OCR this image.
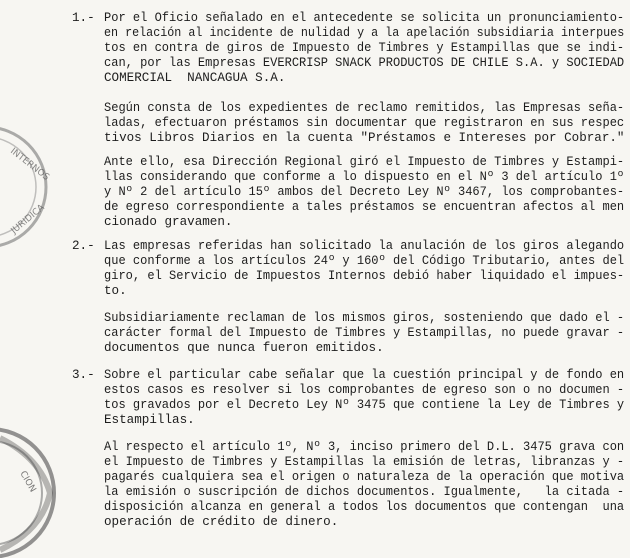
INTERNOS
JURIDICA
CION
1.- Por el Oficio señalado en el antecedente se solicita un pronunciamiento-
en relación al incidente de nulidad y a la apelación subsidiaria interpues
tos en contra de giros de Impuesto de Timbres y Estampillas que se indi-
can, por las Empresas EVERCRISP SNACK PRODUCTOS DE CHILE S.A. y SOCIEDAD
COMERCIAL  NANCAGUA S.A.
Según consta de los expedientes de reclamo remitidos, las Empresas seña-
ladas, efectuaron préstamos sin documentar que registraron en sus respec
tivos Libros Diarios en la cuenta "Préstamos e Intereses por Cobrar."
Ante ello, esa Dirección Regional giró el Impuesto de Timbres y Estampi-
llas considerando que conforme a lo dispuesto en el Nº 3 del artículo 1º
y Nº 2 del artículo 15º ambos del Decreto Ley Nº 3467, los comprobantes-
de egreso correspondiente a tales préstamos se encuentran afectos al men
cionado gravamen.
2.- Las empresas referidas han solicitado la anulación de los giros alegando
que conforme a los artículos 24º y 160º del Código Tributario, antes del
giro, el Servicio de Impuestos Internos debió haber liquidado el impues-
to.
Subsidiariamente reclaman de los mismos giros, sosteniendo que dado el -
carácter formal del Impuesto de Timbres y Estampillas, no puede gravar -
documentos que nunca fueron emitidos.
3.- Sobre el particular cabe señalar que la cuestión principal y de fondo en
estos casos es resolver si los comprobantes de egreso son o no documen -
tos gravados por el Decreto Ley Nº 3475 que contiene la Ley de Timbres y
Estampillas.
Al respecto el artículo 1º, Nº 3, inciso primero del D.L. 3475 grava con
el Impuesto de Timbres y Estampillas la emisión de letras, libranzas y -
pagarés cualquiera sea el origen o naturaleza de la operación que motiva
la emisión o suscripción de dichos documentos. Igualmente,   la citada -
disposición alcanza en general a todos los documentos que contengan  una
operación de crédito de dinero.
